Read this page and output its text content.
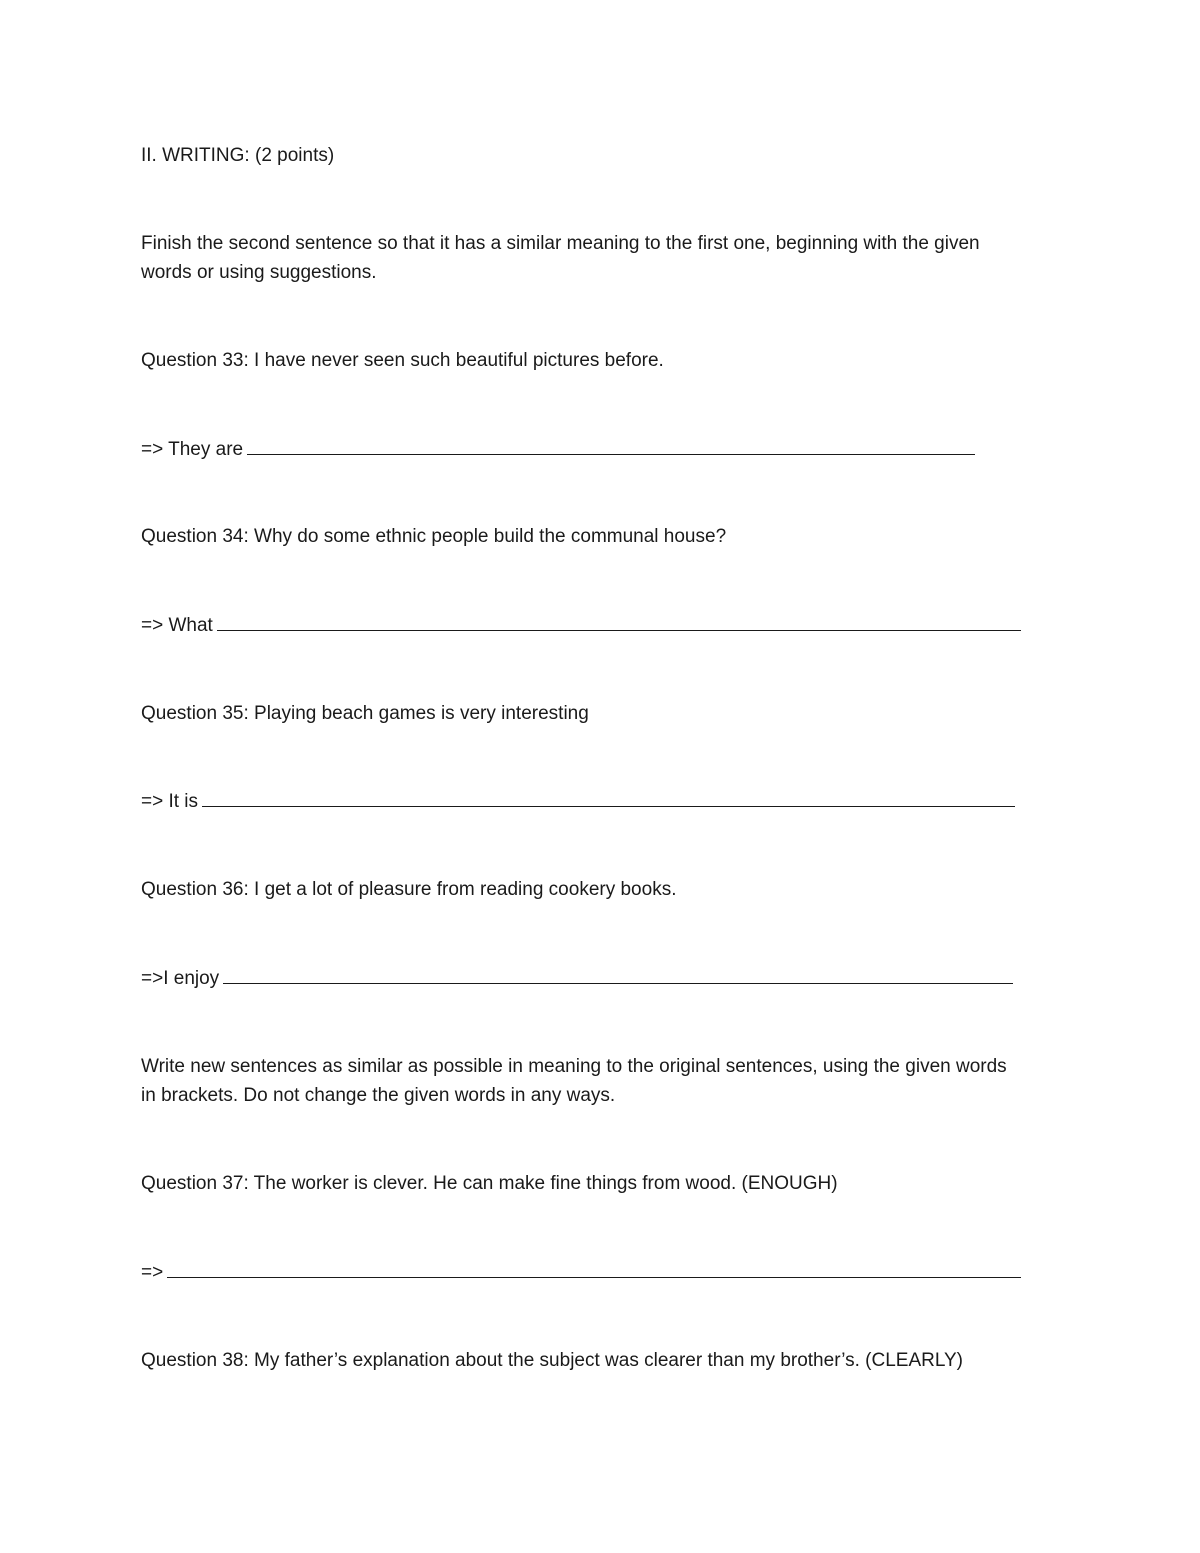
II. WRITING: (2 points)
Finish the second sentence so that it has a similar meaning to the first one, beginning with the given
words or using suggestions.
Question 33: I have never seen such beautiful pictures before.
=> They are
Question 34: Why do some ethnic people build the communal house?
=> What
Question 35: Playing beach games is very interesting
=> It is
Question 36: I get a lot of pleasure from reading cookery books.
=>I enjoy
Write new sentences as similar as possible in meaning to the original sentences, using the given words
in brackets. Do not change the given words in any ways.
Question 37: The worker is clever. He can make fine things from wood. (ENOUGH)
=>
Question 38: My father’s explanation about the subject was clearer than my brother’s. (CLEARLY)
